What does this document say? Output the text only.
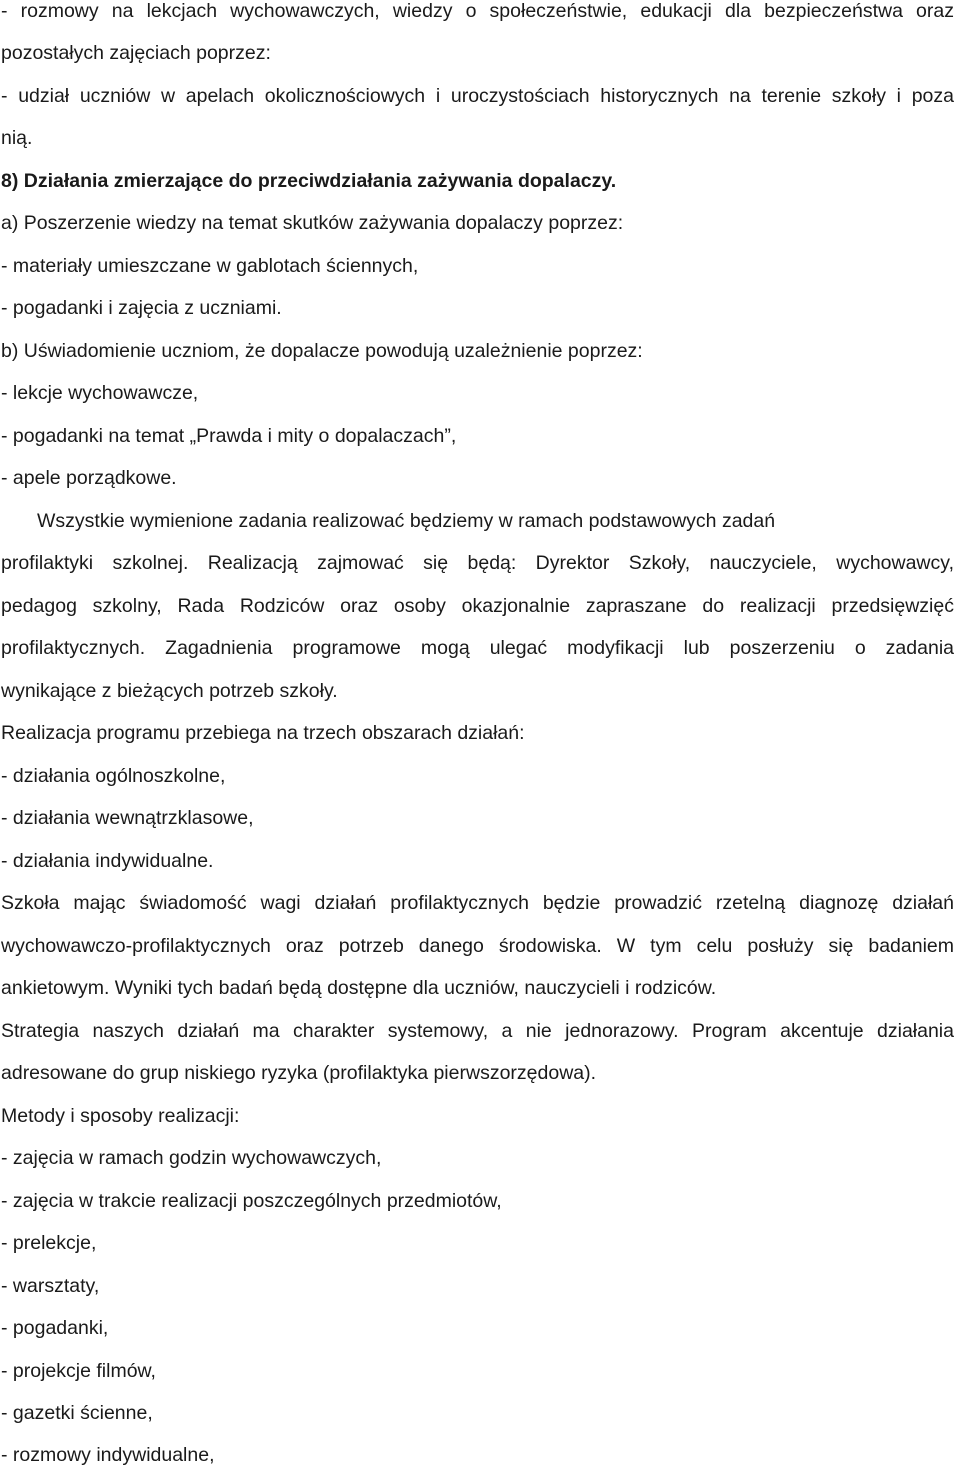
- rozmowy na lekcjach wychowawczych, wiedzy o społeczeństwie, edukacji dla bezpieczeństwa oraz
pozostałych zajęciach poprzez:
- udział uczniów w apelach okolicznościowych i uroczystościach historycznych na terenie szkoły i poza
nią.
8) Działania zmierzające do przeciwdziałania zażywania dopalaczy.
a) Poszerzenie wiedzy na temat skutków zażywania dopalaczy poprzez:
- materiały umieszczane w gablotach ściennych,
- pogadanki i zajęcia z uczniami.
b) Uświadomienie uczniom, że dopalacze powodują uzależnienie poprzez:
- lekcje wychowawcze,
- pogadanki na temat „Prawda i mity o dopalaczach”,
- apele porządkowe.
Wszystkie wymienione zadania realizować będziemy w ramach podstawowych zadań
profilaktyki szkolnej. Realizacją zajmować się będą: Dyrektor Szkoły, nauczyciele, wychowawcy,
pedagog szkolny, Rada Rodziców oraz osoby okazjonalnie zapraszane do realizacji przedsięwzięć
profilaktycznych. Zagadnienia programowe mogą ulegać modyfikacji lub poszerzeniu o zadania
wynikające z bieżących potrzeb szkoły.
Realizacja programu przebiega na trzech obszarach działań:
- działania ogólnoszkolne,
- działania wewnątrzklasowe,
- działania indywidualne.
Szkoła mając świadomość wagi działań profilaktycznych będzie prowadzić rzetelną diagnozę działań
wychowawczo-profilaktycznych oraz potrzeb danego środowiska. W tym celu posłuży się badaniem
ankietowym. Wyniki tych badań będą dostępne dla uczniów, nauczycieli i rodziców.
Strategia naszych działań ma charakter systemowy, a nie jednorazowy. Program akcentuje działania
adresowane do grup niskiego ryzyka (profilaktyka pierwszorzędowa).
Metody i sposoby realizacji:
- zajęcia w ramach godzin wychowawczych,
- zajęcia w trakcie realizacji poszczególnych przedmiotów,
- prelekcje,
- warsztaty,
- pogadanki,
- projekcje filmów,
- gazetki ścienne,
- rozmowy indywidualne,
